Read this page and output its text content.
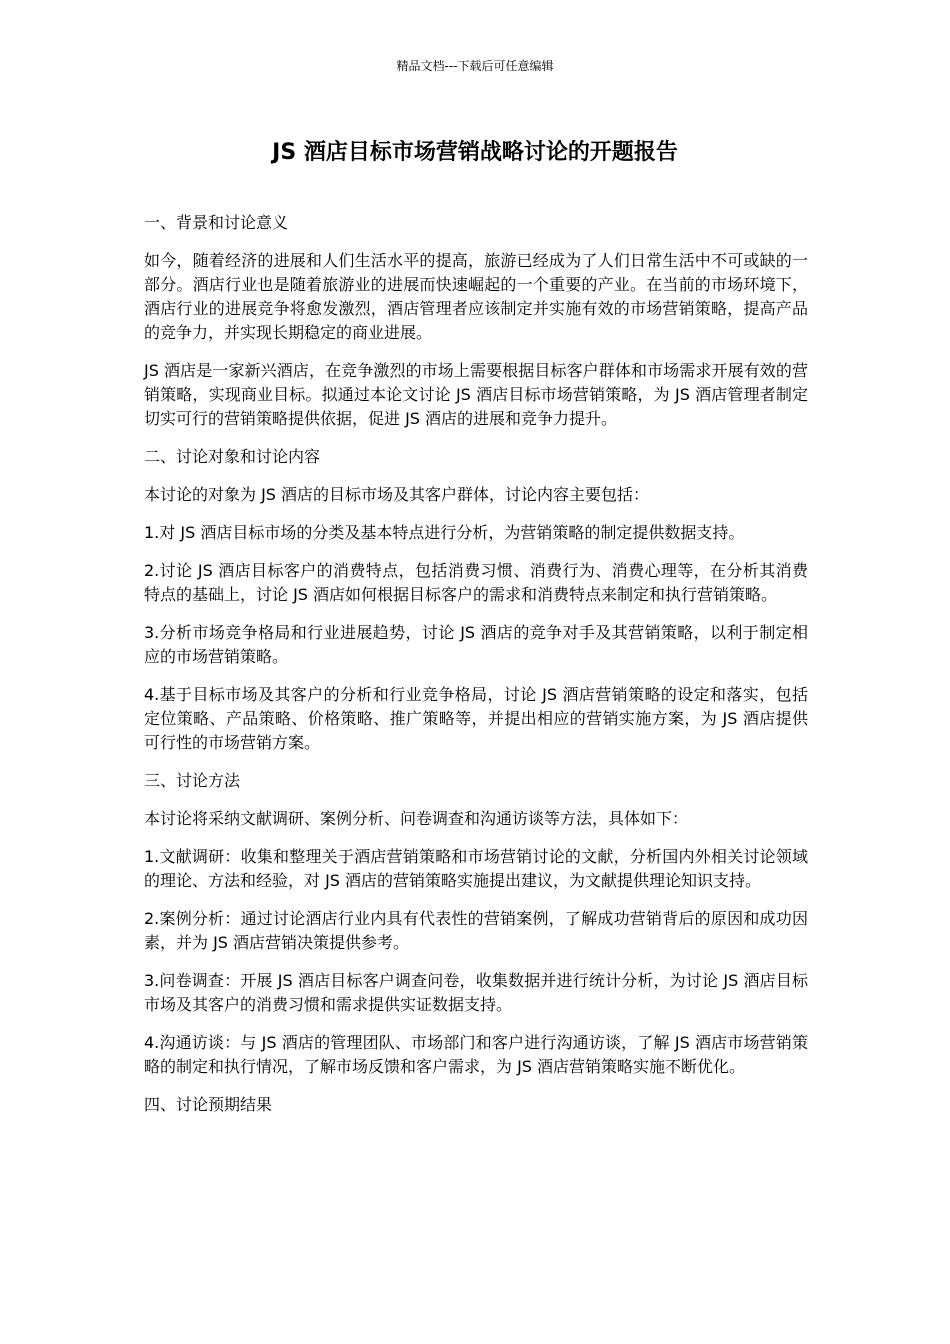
精品文档---下载后可任意编辑
JS 酒店目标市场营销战略讨论的开题报告

一、背景和讨论意义

如今，随着经济的进展和人们生活水平的提高，旅游已经成为了人们日常生活中不可或缺的一部分。酒店行业也是随着旅游业的进展而快速崛起的一个重要的产业。在当前的市场环境下，酒店行业的进展竞争将愈发激烈，酒店管理者应该制定并实施有效的市场营销策略，提高产品的竞争力，并实现长期稳定的商业进展。

JS 酒店是一家新兴酒店，在竞争激烈的市场上需要根据目标客户群体和市场需求开展有效的营销策略，实现商业目标。拟通过本论文讨论 JS 酒店目标市场营销策略，为 JS 酒店管理者制定切实可行的营销策略提供依据，促进 JS 酒店的进展和竞争力提升。

二、讨论对象和讨论内容

本讨论的对象为 JS 酒店的目标市场及其客户群体，讨论内容主要包括：

1.对 JS 酒店目标市场的分类及基本特点进行分析，为营销策略的制定提供数据支持。

2.讨论 JS 酒店目标客户的消费特点，包括消费习惯、消费行为、消费心理等，在分析其消费特点的基础上，讨论 JS 酒店如何根据目标客户的需求和消费特点来制定和执行营销策略。

3.分析市场竞争格局和行业进展趋势，讨论 JS 酒店的竞争对手及其营销策略，以利于制定相应的市场营销策略。

4.基于目标市场及其客户的分析和行业竞争格局，讨论 JS 酒店营销策略的设定和落实，包括定位策略、产品策略、价格策略、推广策略等，并提出相应的营销实施方案，为 JS 酒店提供可行性的市场营销方案。

三、讨论方法

本讨论将采纳文献调研、案例分析、问卷调查和沟通访谈等方法，具体如下：

1.文献调研：收集和整理关于酒店营销策略和市场营销讨论的文献，分析国内外相关讨论领域的理论、方法和经验，对 JS 酒店的营销策略实施提出建议，为文献提供理论知识支持。

2.案例分析：通过讨论酒店行业内具有代表性的营销案例，了解成功营销背后的原因和成功因素，并为 JS 酒店营销决策提供参考。

3.问卷调查：开展 JS 酒店目标客户调查问卷，收集数据并进行统计分析，为讨论 JS 酒店目标市场及其客户的消费习惯和需求提供实证数据支持。

4.沟通访谈：与 JS 酒店的管理团队、市场部门和客户进行沟通访谈，了解 JS 酒店市场营销策略的制定和执行情况，了解市场反馈和客户需求，为 JS 酒店营销策略实施不断优化。

四、讨论预期结果
